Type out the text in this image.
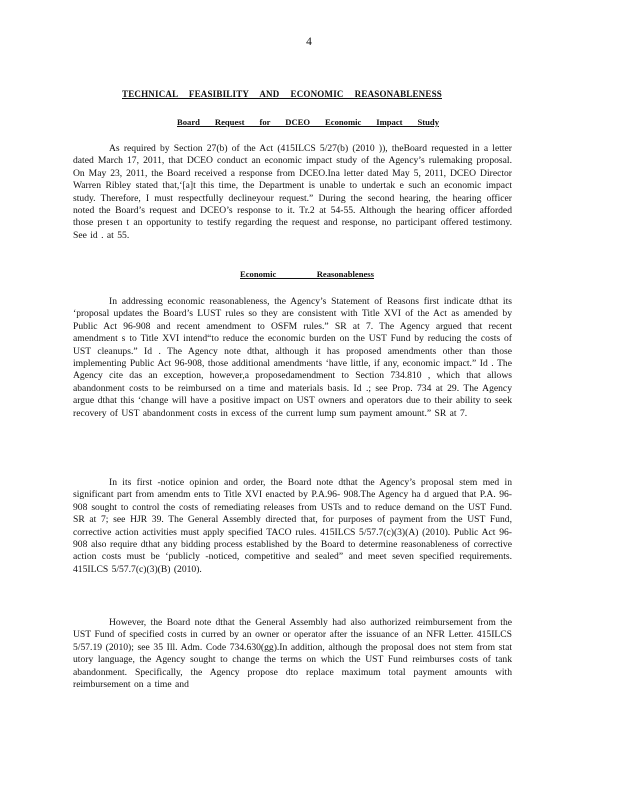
4
TECHNICAL FEASIBILITY AND ECONOMIC REASONABLENESS
Board Request for DCEO Economic Impact Study

As required by Section 27(b) of the Act (415ILCS 5/27(b) (2010 )), theBoard requested in a letter dated March 17, 2011, that DCEO conduct an economic impact study of the Agency’s rulemaking proposal. On May 23, 2011, the Board received a response from DCEO.Ina letter dated May 5, 2011, DCEO Director Warren Ribley stated that,‘[a]t this time, the Department is unable to undertak e such an economic impact study. Therefore, I must respectfully declineyour request.” During the second hearing, the hearing officer noted the Board’s request and DCEO’s response to it. Tr.2 at 54-55. Although the hearing officer afforded those presen t an opportunity to testify regarding the request and response, no participant offered testimony. See id . at 55.

Economic Reasonableness

In addressing economic reasonableness, the Agency’s Statement of Reasons first indicate dthat its ‘proposal updates the Board’s LUST rules so they are consistent with Title XVI of the Act as amended by Public Act 96-908 and recent amendment to OSFM rules.” SR at 7. The Agency argued that recent amendment s to Title XVI intend“to reduce the economic burden on the UST Fund by reducing the costs of UST cleanups.” Id . The Agency note dthat, although it has proposed amendments other than those implementing Public Act 96-908, those additional amendments ‘have little, if any, economic impact.” Id . The Agency cite das an exception, however,a proposedamendment to Section 734.810 , which that allows abandonment costs to be reimbursed on a time and materials basis. Id .; see Prop. 734 at 29. The Agency argue dthat this ‘change will have a positive impact on UST owners and operators due to their ability to seek recovery of UST abandonment costs in excess of the current lump sum payment amount.” SR at 7.

In its first -notice opinion and order, the Board note dthat the Agency’s proposal stem med in significant part from amendm ents to Title XVI enacted by P.A.96- 908.The Agency ha d argued that P.A. 96-908 sought to control the costs of remediating releases from USTs and to reduce demand on the UST Fund. SR at 7; see HJR 39. The General Assembly directed that, for purposes of payment from the UST Fund, corrective action activities must apply specified TACO rules. 415ILCS 5/57.7(c)(3)(A) (2010). Public Act 96-908 also require dthat any bidding process established by the Board to determine reasonableness of corrective action costs must be ‘publicly -noticed, competitive and sealed” and meet seven specified requirements. 415ILCS 5/57.7(c)(3)(B) (2010).

However, the Board note dthat the General Assembly had also authorized reimbursement from the UST Fund of specified costs in curred by an owner or operator after the issuance of an NFR Letter. 415ILCS 5/57.19 (2010); see 35 Ill. Adm. Code 734.630(gg).In addition, although the proposal does not stem from stat utory language, the Agency sought to change the terms on which the UST Fund reimburses costs of tank abandonment. Specifically, the Agency propose dto replace maximum total payment amounts with reimbursement on a time and
